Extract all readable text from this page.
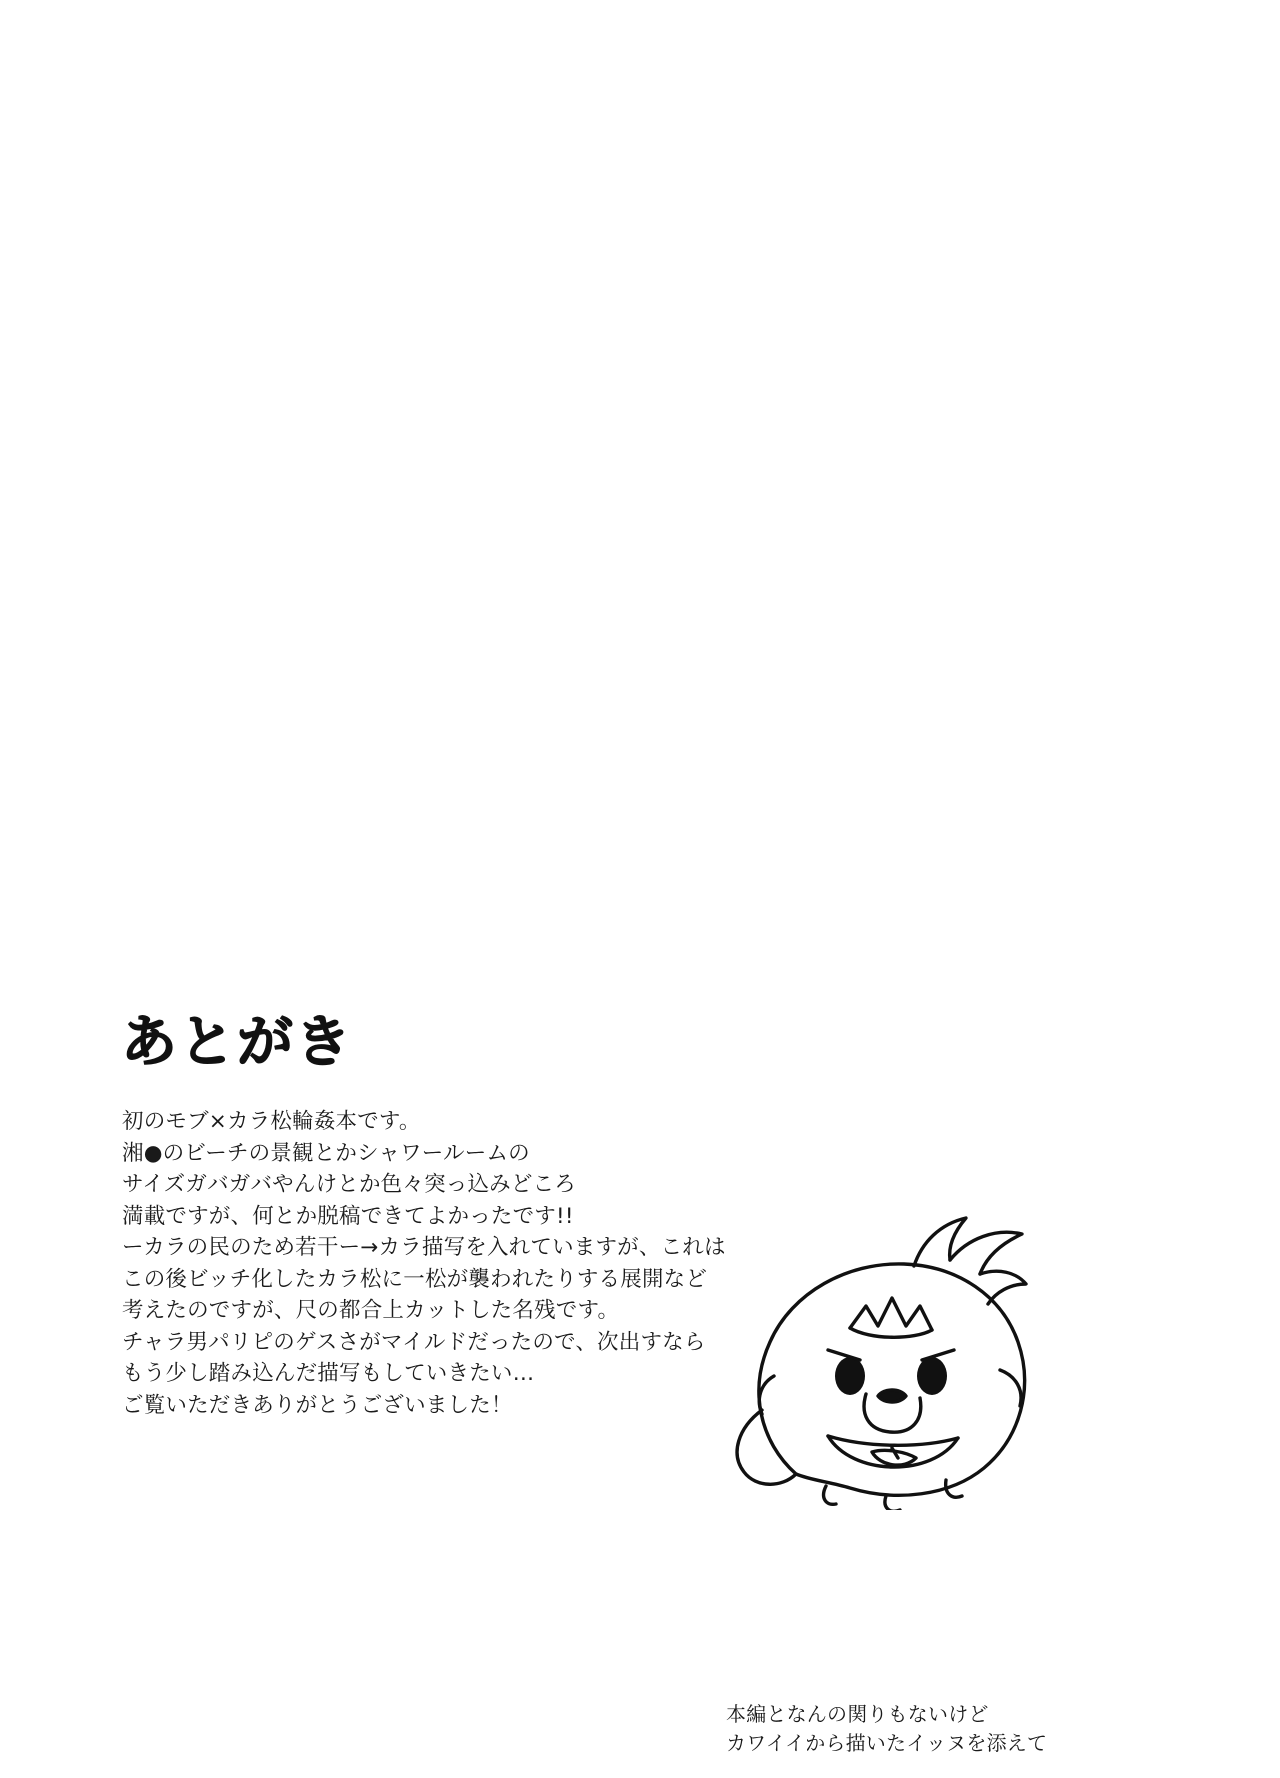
あとがき

初のモブ×カラ松輪姦本です。

湘●のビーチの景観とかシャワールームの

サイズガバガバやんけとか色々突っ込みどころ

満載ですが、何とか脱稿できてよかったです!!

ーカラの民のため若干ー→カラ描写を入れていますが、これは

この後ビッチ化したカラ松に一松が襲われたりする展開など

考えたのですが、尺の都合上カットした名残です。

チャラ男パリピのゲスさがマイルドだったので、次出すなら

もう少し踏み込んだ描写もしていきたい…

ご覧いただきありがとうございました！

本編となんの関りもないけど

カワイイから描いたイッヌを添えて
